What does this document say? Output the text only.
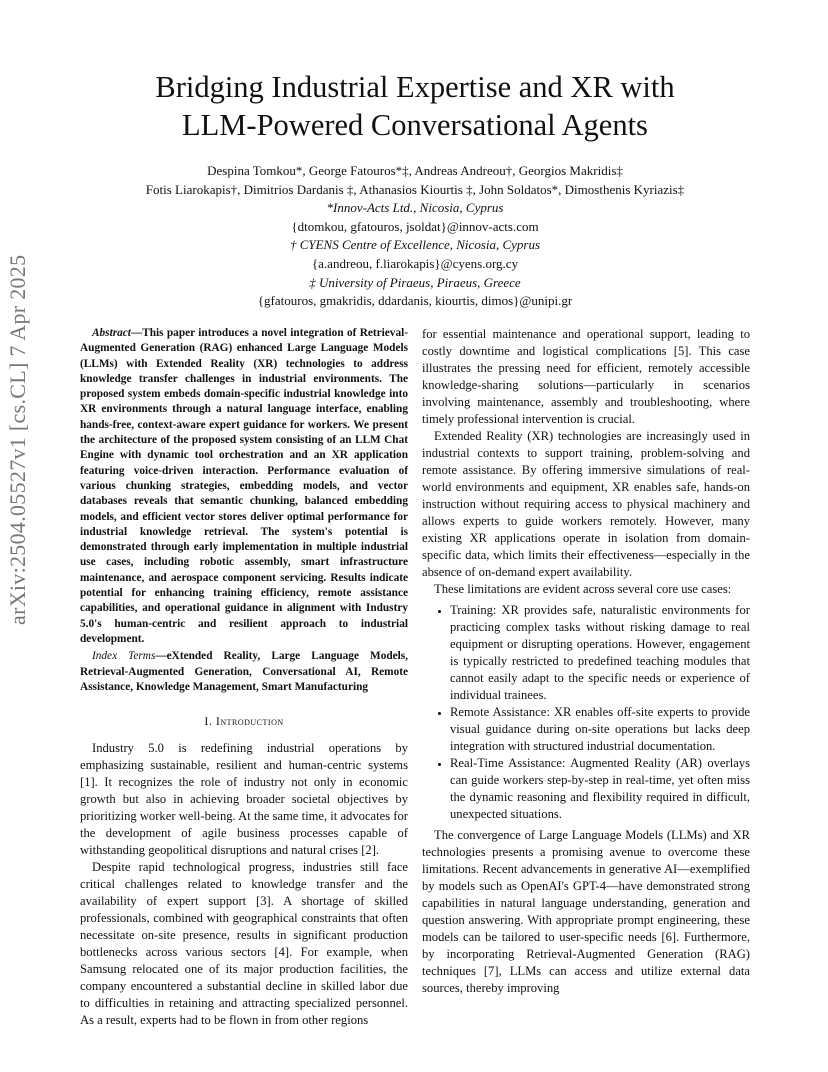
arXiv:2504.05527v1 [cs.CL] 7 Apr 2025
Bridging Industrial Expertise and XR with
LLM-Powered Conversational Agents
Despina Tomkou*, George Fatouros*‡, Andreas Andreou†, Georgios Makridis‡
Fotis Liarokapis†, Dimitrios Dardanis ‡, Athanasios Kiourtis ‡, John Soldatos*, Dimosthenis Kyriazis‡
*Innov-Acts Ltd., Nicosia, Cyprus
{dtomkou, gfatouros, jsoldat}@innov-acts.com
† CYENS Centre of Excellence, Nicosia, Cyprus
{a.andreou, f.liarokapis}@cyens.org.cy
‡ University of Piraeus, Piraeus, Greece
{gfatouros, gmakridis, ddardanis, kiourtis, dimos}@unipi.gr

Abstract—This paper introduces a novel integration of Retrieval-Augmented Generation (RAG) enhanced Large Language Models (LLMs) with Extended Reality (XR) technologies to address knowledge transfer challenges in industrial environments. The proposed system embeds domain-specific industrial knowledge into XR environments through a natural language interface, enabling hands-free, context-aware expert guidance for workers. We present the architecture of the proposed system consisting of an LLM Chat Engine with dynamic tool orchestration and an XR application featuring voice-driven interaction. Performance evaluation of various chunking strategies, embedding models, and vector databases reveals that semantic chunking, balanced embedding models, and efficient vector stores deliver optimal performance for industrial knowledge retrieval. The system's potential is demonstrated through early implementation in multiple industrial use cases, including robotic assembly, smart infrastructure maintenance, and aerospace component servicing. Results indicate potential for enhancing training efficiency, remote assistance capabilities, and operational guidance in alignment with Industry 5.0's human-centric and resilient approach to industrial development.

Index Terms—eXtended Reality, Large Language Models, Retrieval-Augmented Generation, Conversational AI, Remote Assistance, Knowledge Management, Smart Manufacturing

I. Introduction

Industry 5.0 is redefining industrial operations by emphasizing sustainable, resilient and human-centric systems [1]. It recognizes the role of industry not only in economic growth but also in achieving broader societal objectives by prioritizing worker well-being. At the same time, it advocates for the development of agile business processes capable of withstanding geopolitical disruptions and natural crises [2].

Despite rapid technological progress, industries still face critical challenges related to knowledge transfer and the availability of expert support [3]. A shortage of skilled professionals, combined with geographical constraints that often necessitate on-site presence, results in significant production bottlenecks across various sectors [4]. For example, when Samsung relocated one of its major production facilities, the company encountered a substantial decline in skilled labor due to difficulties in retaining and attracting specialized personnel. As a result, experts had to be flown in from other regions

for essential maintenance and operational support, leading to costly downtime and logistical complications [5]. This case illustrates the pressing need for efficient, remotely accessible knowledge-sharing solutions—particularly in scenarios involving maintenance, assembly and troubleshooting, where timely professional intervention is crucial.

Extended Reality (XR) technologies are increasingly used in industrial contexts to support training, problem-solving and remote assistance. By offering immersive simulations of real-world environments and equipment, XR enables safe, hands-on instruction without requiring access to physical machinery and allows experts to guide workers remotely. However, many existing XR applications operate in isolation from domain-specific data, which limits their effectiveness—especially in the absence of on-demand expert availability.

These limitations are evident across several core use cases:

• Training: XR provides safe, naturalistic environments for practicing complex tasks without risking damage to real equipment or disrupting operations. However, engagement is typically restricted to predefined teaching modules that cannot easily adapt to the specific needs or experience of individual trainees.
• Remote Assistance: XR enables off-site experts to provide visual guidance during on-site operations but lacks deep integration with structured industrial documentation.
• Real-Time Assistance: Augmented Reality (AR) overlays can guide workers step-by-step in real-time, yet often miss the dynamic reasoning and flexibility required in difficult, unexpected situations.

The convergence of Large Language Models (LLMs) and XR technologies presents a promising avenue to overcome these limitations. Recent advancements in generative AI—exemplified by models such as OpenAI's GPT-4—have demonstrated strong capabilities in natural language understanding, generation and question answering. With appropriate prompt engineering, these models can be tailored to user-specific needs [6]. Furthermore, by incorporating Retrieval-Augmented Generation (RAG) techniques [7], LLMs can access and utilize external data sources, thereby improving
